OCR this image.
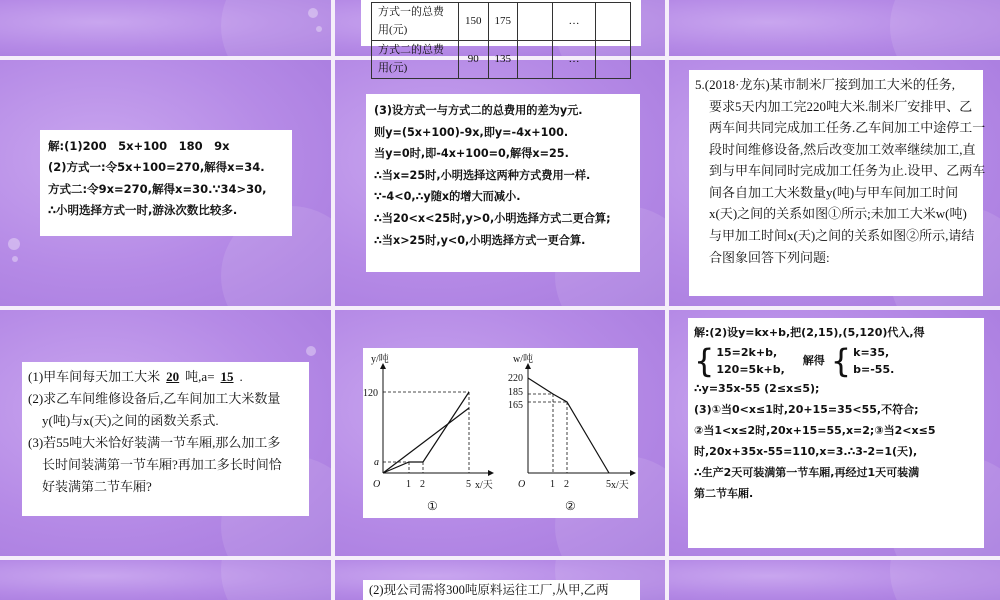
方式一的总费用(元)	150	175		…	
方式二的总费用(元)	90	135		…	
解:(1)200　5x+100　180　9x
(2)方式一:令5x+100=270,解得x=34.
方式二:令9x=270,解得x=30.∵34>30,
∴小明选择方式一时,游泳次数比较多.
(3)设方式一与方式二的总费用的差为y元.
则y=(5x+100)-9x,即y=-4x+100.
当y=0时,即-4x+100=0,解得x=25.
∴当x=25时,小明选择这两种方式费用一样.
∵-4<0,∴y随x的增大而减小.
∴当20<x<25时,y>0,小明选择方式二更合算;
∴当x>25时,y<0,小明选择方式一更合算.
5.(2018·龙东)某市制米厂接到加工大米的任务,
要求5天内加工完220吨大米.制米厂安排甲、乙
两车间共同完成加工任务.乙车间加工中途停工一
段时间维修设备,然后改变加工效率继续加工,直
到与甲车间同时完成加工任务为止.设甲、乙两车
间各自加工大米数量y(吨)与甲车间加工时间
x(天)之间的关系如图①所示;未加工大米w(吨)
与甲加工时间x(天)之间的关系如图②所示,请结
合图象回答下列问题:
(1)甲车间每天加工大米 20 吨,a= 15 .
(2)求乙车间维修设备后,乙车间加工大米数量
y(吨)与x(天)之间的函数关系式.
(3)若55吨大米恰好装满一节车厢,那么加工多
长时间装满第一节车厢?再加工多长时间恰
好装满第二节车厢?
y/吨
x/天
O
120
a
1 2	5
①
w/吨
x/天
O
220
185
165
1 2	5
②
解:(2)设y=kx+b,把(2,15),(5,120)代入,得
{ 15=2k+b,
120=5k+b,
解得 { k=35,
b=-55.
∴y=35x-55 (2≤x≤5);
(3)①当0<x≤1时,20+15=35<55,不符合;
②当1<x≤2时,20x+15=55,x=2;③当2<x≤5
时,20x+35x-55=110,x=3.∴3-2=1(天),
∴生产2天可装满第一节车厢,再经过1天可装满
第二节车厢.
(2)现公司需将300吨原料运往工厂,从甲,乙两
